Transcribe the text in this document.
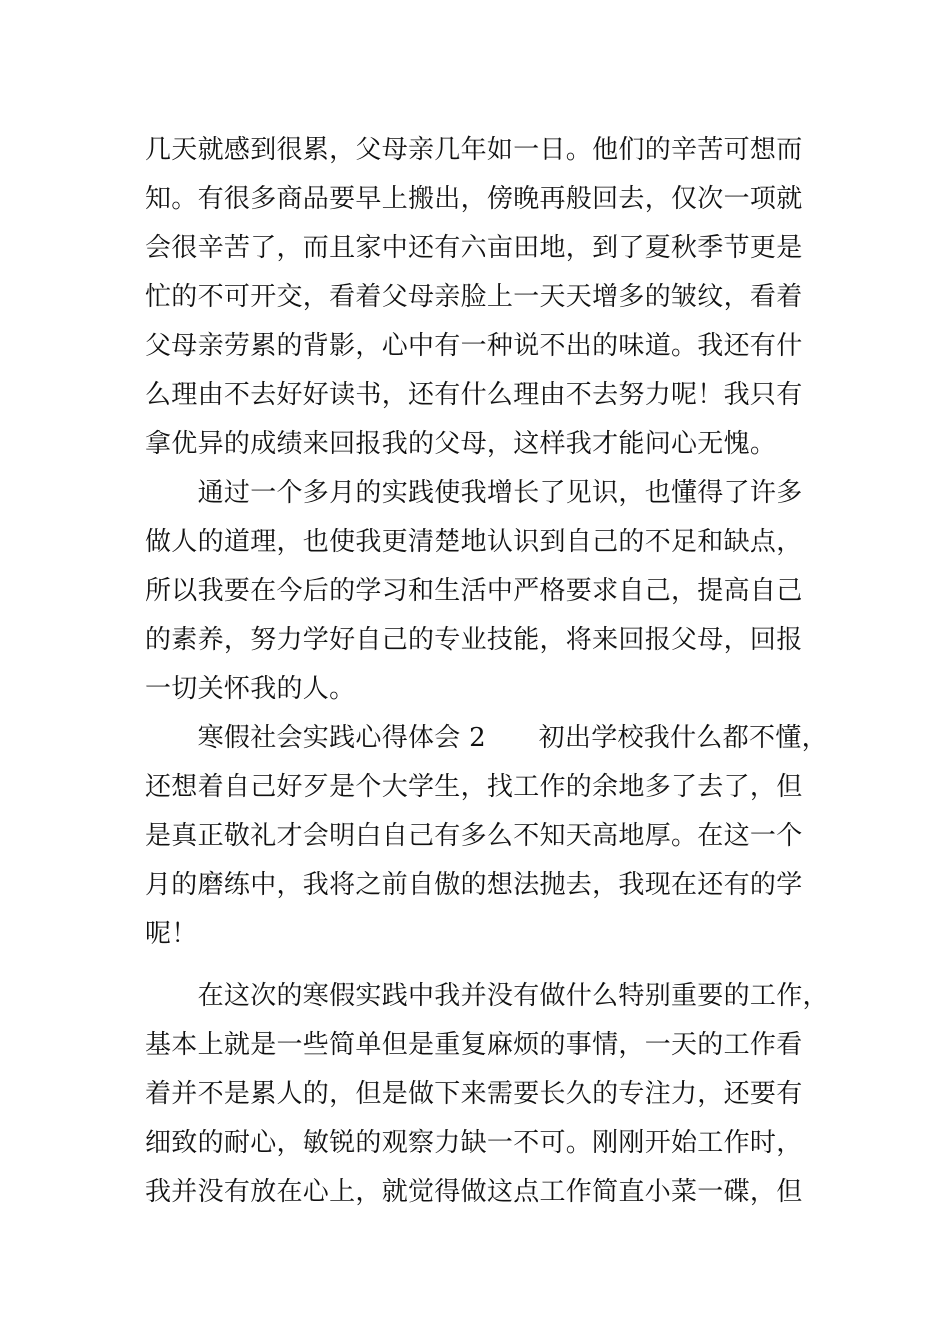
几天就感到很累，父母亲几年如一日。他们的辛苦可想而
知。有很多商品要早上搬出，傍晚再般回去，仅次一项就
会很辛苦了，而且家中还有六亩田地，到了夏秋季节更是
忙的不可开交，看着父母亲脸上一天天增多的皱纹，看着
父母亲劳累的背影，心中有一种说不出的味道。我还有什
么理由不去好好读书，还有什么理由不去努力呢！我只有
拿优异的成绩来回报我的父母，这样我才能问心无愧。
　　通过一个多月的实践使我增长了见识，也懂得了许多
做人的道理，也使我更清楚地认识到自己的不足和缺点，
所以我要在今后的学习和生活中严格要求自己，提高自己
的素养，努力学好自己的专业技能，将来回报父母，回报
一切关怀我的人。
　　寒假社会实践心得体会 2　　初出学校我什么都不懂，
还想着自己好歹是个大学生，找工作的余地多了去了，但
是真正敬礼才会明白自己有多么不知天高地厚。在这一个
月的磨练中，我将之前自傲的想法抛去，我现在还有的学
呢！
　　在这次的寒假实践中我并没有做什么特别重要的工作，
基本上就是一些简单但是重复麻烦的事情，一天的工作看
着并不是累人的，但是做下来需要长久的专注力，还要有
细致的耐心，敏锐的观察力缺一不可。刚刚开始工作时，
我并没有放在心上，就觉得做这点工作简直小菜一碟，但
